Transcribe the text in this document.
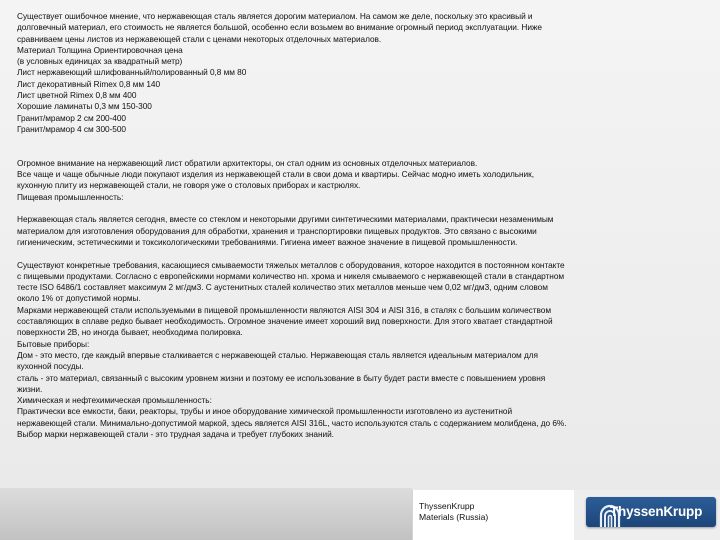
Существует ошибочное мнение, что нержавеющая сталь является дорогим материалом. На самом же деле, поскольку это красивый и

долговечный материал, его стоимость не является большой, особенно если возьмем во внимание огромный период эксплуатации. Ниже

сравниваем цены листов из нержавеющей стали с ценами некоторых отделочных материалов.

Материал Толщина Ориентировочная цена

(в условных единицах за квадратный метр)

Лист нержавеющий шлифованный/полированный 0,8 мм 80

Лист декоративный Rimex 0,8 мм 140

Лист цветной Rimex 0,8 мм 400

Хорошие ламинаты 0,3 мм 150-300

Гранит/мрамор 2 см 200-400

Гранит/мрамор 4 см 300-500

Огромное внимание на нержавеющий лист обратили архитекторы, он стал одним из основных отделочных материалов.

Все чаще и чаще обычные люди покупают изделия из нержавеющей стали в свои дома и квартиры. Сейчас модно иметь холодильник,

кухонную плиту из нержавеющей стали, не говоря уже о столовых приборах и кастрюлях.

Пищевая промышленность:

Нержавеющая сталь является сегодня, вместе со стеклом и некоторыми другими синтетическими материалами, практически незаменимым

материалом для изготовления оборудования для обработки, хранения и транспортировки пищевых продуктов. Это связано с высокими

гигиеническим, эстетическими и токсикологическими требованиями. Гигиена имеет важное значение в пищевой промышленности.

Существуют конкретные требования, касающиеся смываемости тяжелых металлов с оборудования, которое находится в постоянном контакте

с пищевыми продуктами. Согласно с европейскими нормами количество нп. хрома и никеля смываемого с нержавеющей стали в стандартном

тесте ISO 6486/1 составляет максимум 2 мг/дм3. С аустенитных сталей количество этих металлов меньше чем 0,02 мг/дм3, одним словом

около 1% от допустимой нормы.

Марками нержавеющей стали используемыми в пищевой промышленности являются AISI 304 и AISI 316, в сталях с большим количеством

составляющих в сплаве редко бывает необходимость. Огромное значение имеет хороший вид поверхности. Для этого хватает стандартной

поверхности 2B, но иногда бывает, необходима полировка.

Бытовые приборы:

Дом - это место, где каждый впервые сталкивается с нержавеющей сталью. Нержавеющая сталь является идеальным материалом для

кухонной посуды.

сталь - это материал, связанный с высоким уровнем жизни и поэтому ее использование в быту будет расти вместе с повышением уровня

жизни.

Химическая и нефтехимическая промышленность:

Практически все емкости, баки, реакторы, трубы и иное оборудование химической промышленности изготовлено из аустенитной

нержавеющей стали. Минимально-допустимой маркой, здесь является AISI 316L, часто используются сталь с содержанием молибдена, до 6%.

Выбор марки нержавеющей стали - это трудная задача и требует глубоких знаний.

ThyssenKrupp
Materials (Russia)	ThyssenKrupp
